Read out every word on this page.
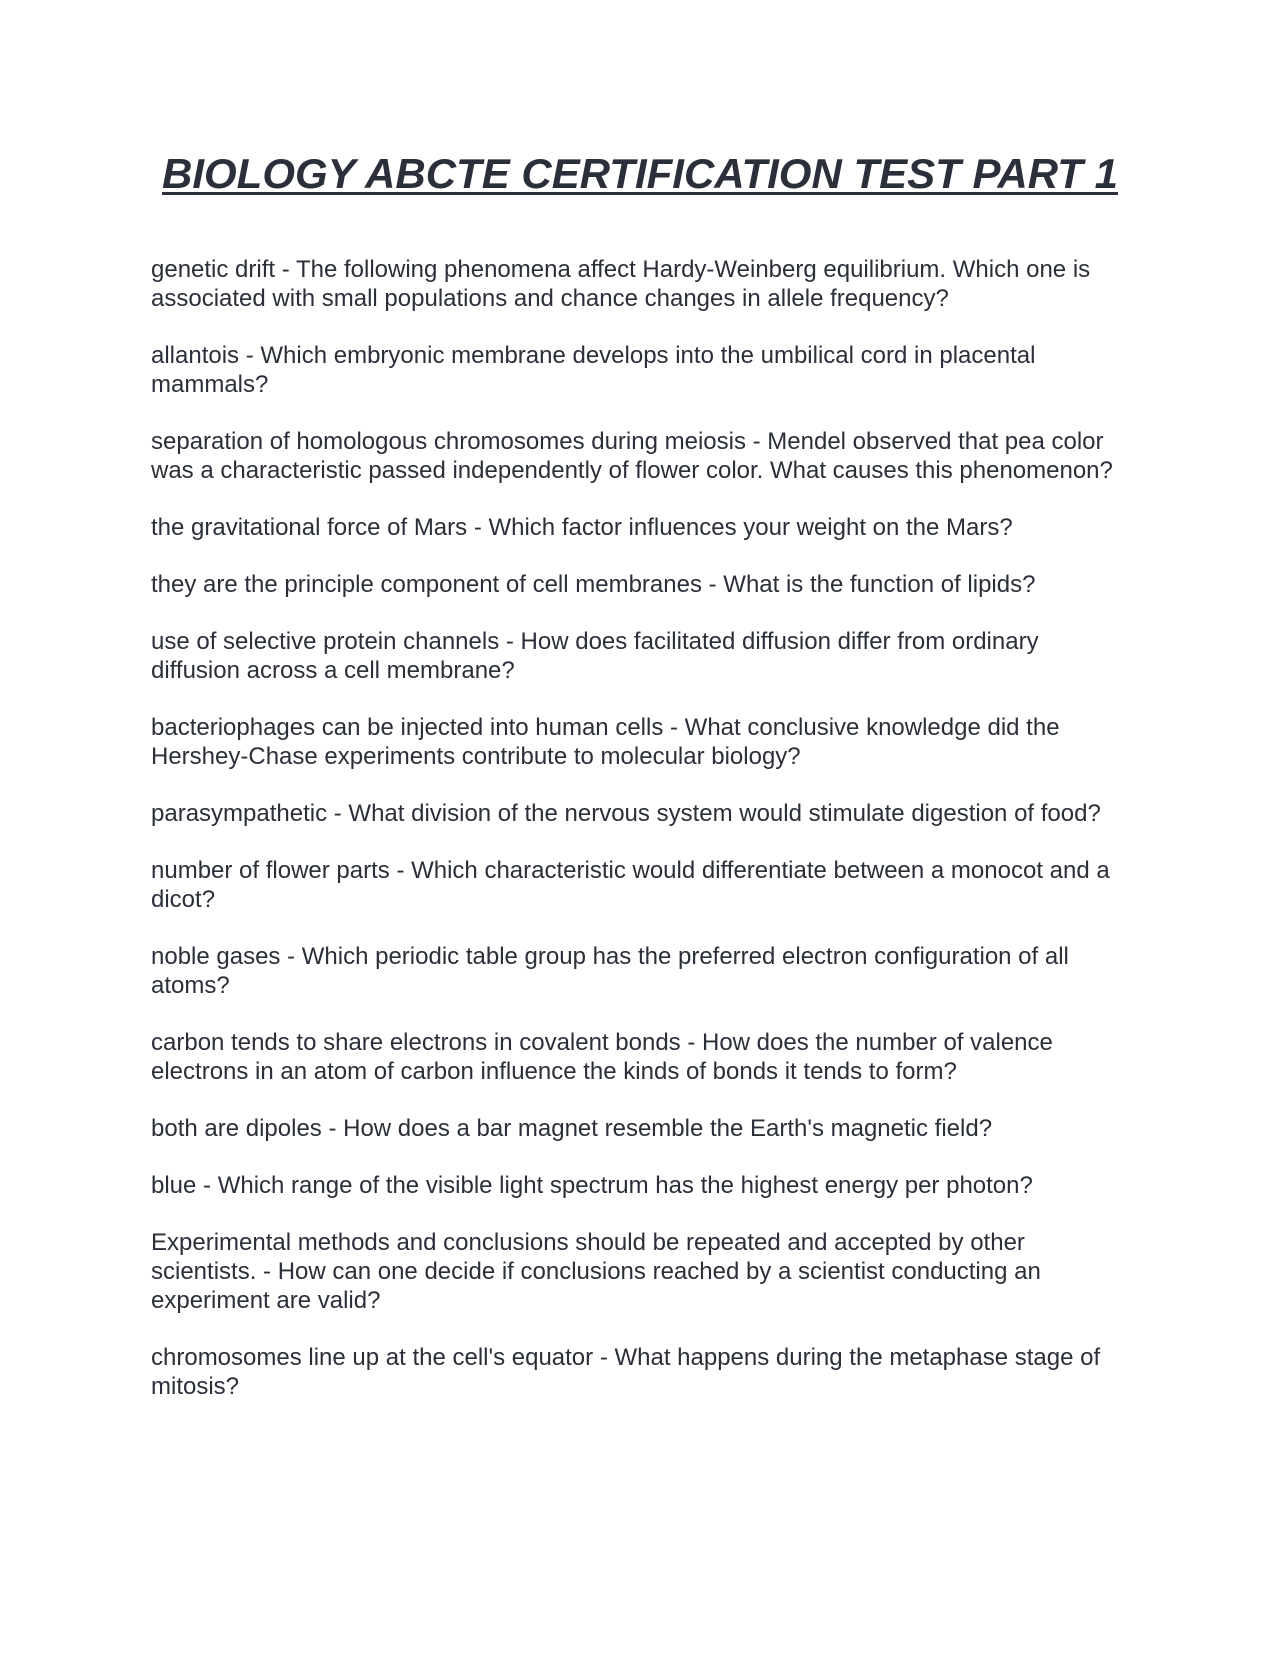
BIOLOGY ABCTE CERTIFICATION TEST PART 1
genetic drift - The following phenomena affect Hardy-Weinberg equilibrium. Which one is associated with small populations and chance changes in allele frequency?
allantois - Which embryonic membrane develops into the umbilical cord in placental mammals?
separation of homologous chromosomes during meiosis - Mendel observed that pea color was a characteristic passed independently of flower color. What causes this phenomenon?
the gravitational force of Mars - Which factor influences your weight on the Mars?
they are the principle component of cell membranes - What is the function of lipids?
use of selective protein channels - How does facilitated diffusion differ from ordinary diffusion across a cell membrane?
bacteriophages can be injected into human cells - What conclusive knowledge did the Hershey-Chase experiments contribute to molecular biology?
parasympathetic - What division of the nervous system would stimulate digestion of food?
number of flower parts - Which characteristic would differentiate between a monocot and a dicot?
noble gases - Which periodic table group has the preferred electron configuration of all atoms?
carbon tends to share electrons in covalent bonds - How does the number of valence electrons in an atom of carbon influence the kinds of bonds it tends to form?
both are dipoles - How does a bar magnet resemble the Earth's magnetic field?
blue - Which range of the visible light spectrum has the highest energy per photon?
Experimental methods and conclusions should be repeated and accepted by other scientists. - How can one decide if conclusions reached by a scientist conducting an experiment are valid?
chromosomes line up at the cell's equator - What happens during the metaphase stage of mitosis?
